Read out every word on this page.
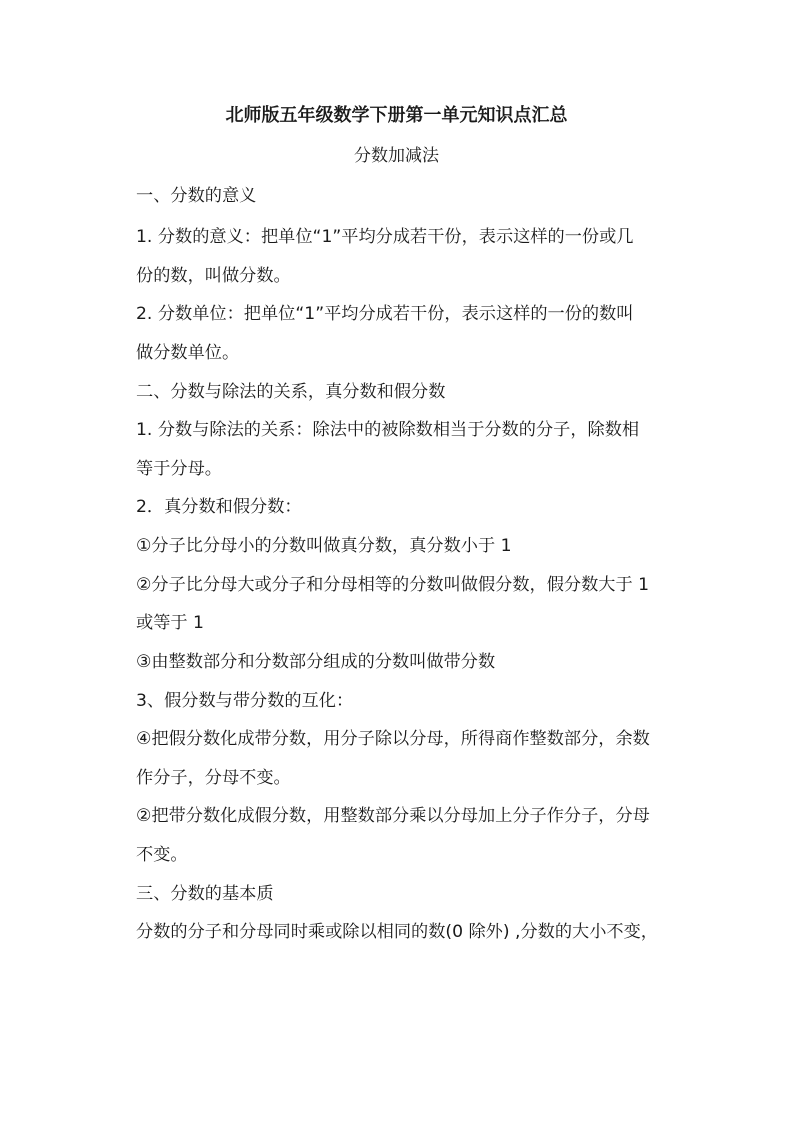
北师版五年级数学下册第一单元知识点汇总
分数加减法
一、分数的意义
1. 分数的意义：把单位“1”平均分成若干份，表示这样的一份或几
份的数，叫做分数。
2. 分数单位：把单位“1”平均分成若干份，表示这样的一份的数叫
做分数单位。
二、分数与除法的关系，真分数和假分数
1. 分数与除法的关系：除法中的被除数相当于分数的分子，除数相
等于分母。
2．真分数和假分数：
①分子比分母小的分数叫做真分数，真分数小于 1
②分子比分母大或分子和分母相等的分数叫做假分数，假分数大于 1
或等于 1
③由整数部分和分数部分组成的分数叫做带分数
3、假分数与带分数的互化：
④把假分数化成带分数，用分子除以分母，所得商作整数部分，余数
作分子，分母不变。
②把带分数化成假分数，用整数部分乘以分母加上分子作分子，分母
不变。
三、分数的基本质
分数的分子和分母同时乘或除以相同的数(0 除外) ,分数的大小不变，
